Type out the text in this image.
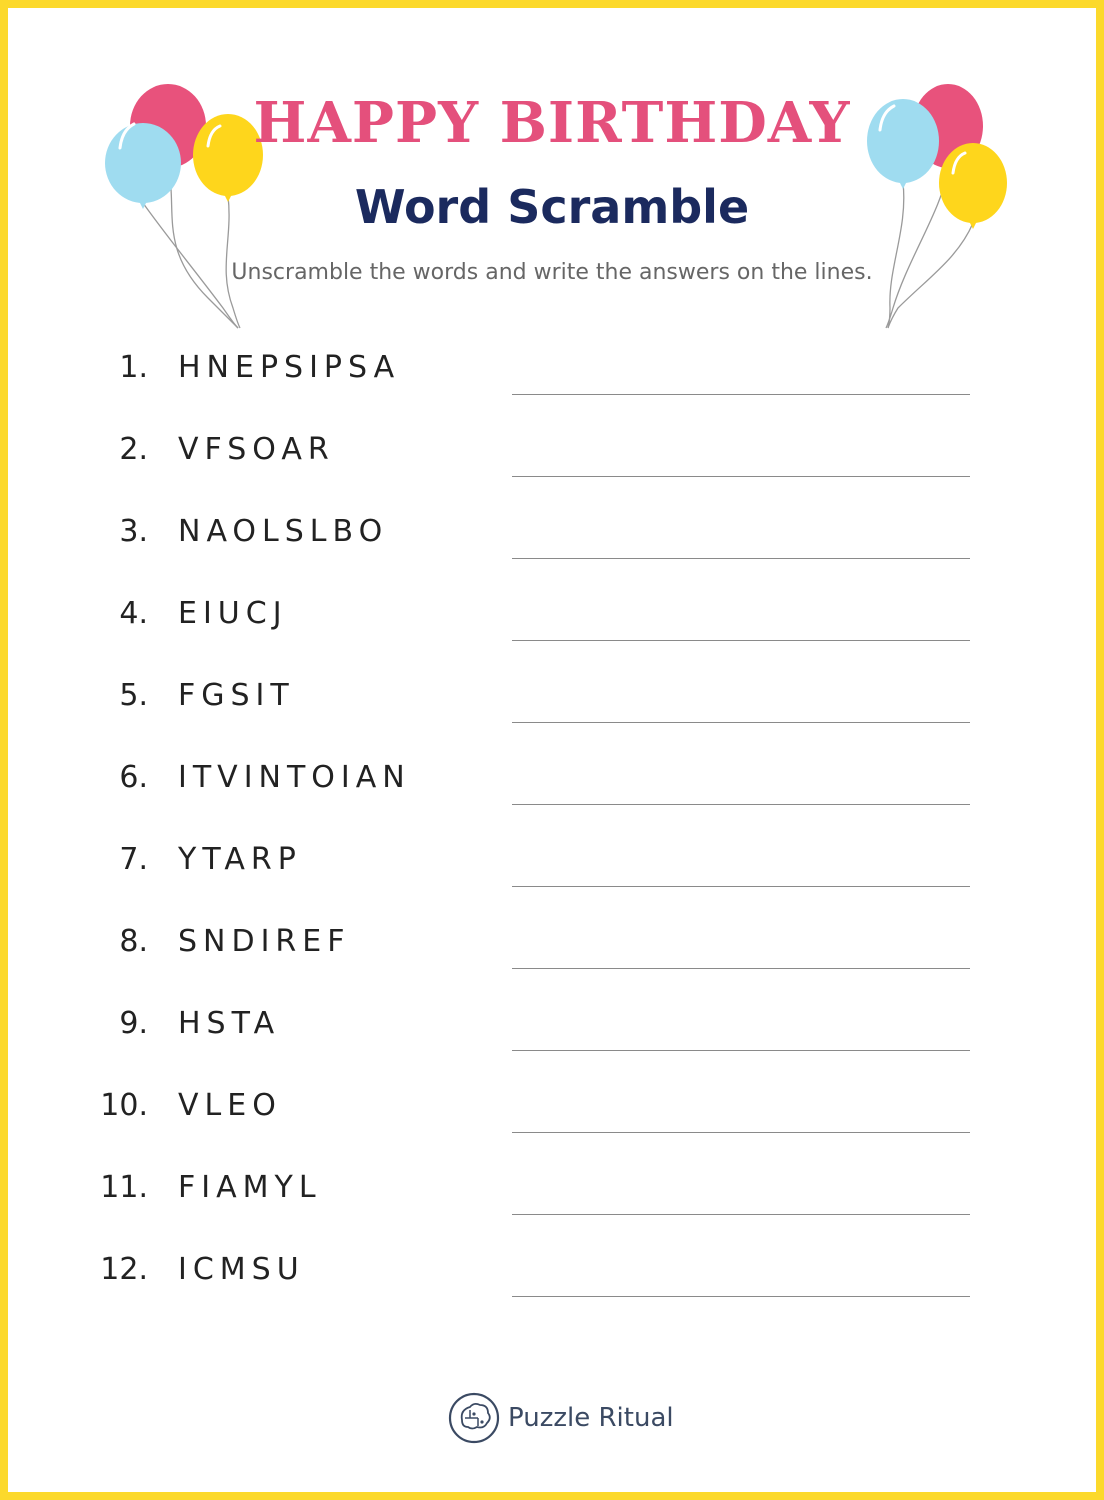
HAPPY BIRTHDAY
Word Scramble

Unscramble the words and write the answers on the lines.

1. HNEPSIPSA
2. VFSOAR
3. NAOLSLBO
4. EIUCJ
5. FGSIT
6. ITVINTOIAN
7. YTARP
8. SNDIREF
9. HSTA
10. VLEO
11. FIAMYL
12. ICMSU
Puzzle Ritual
